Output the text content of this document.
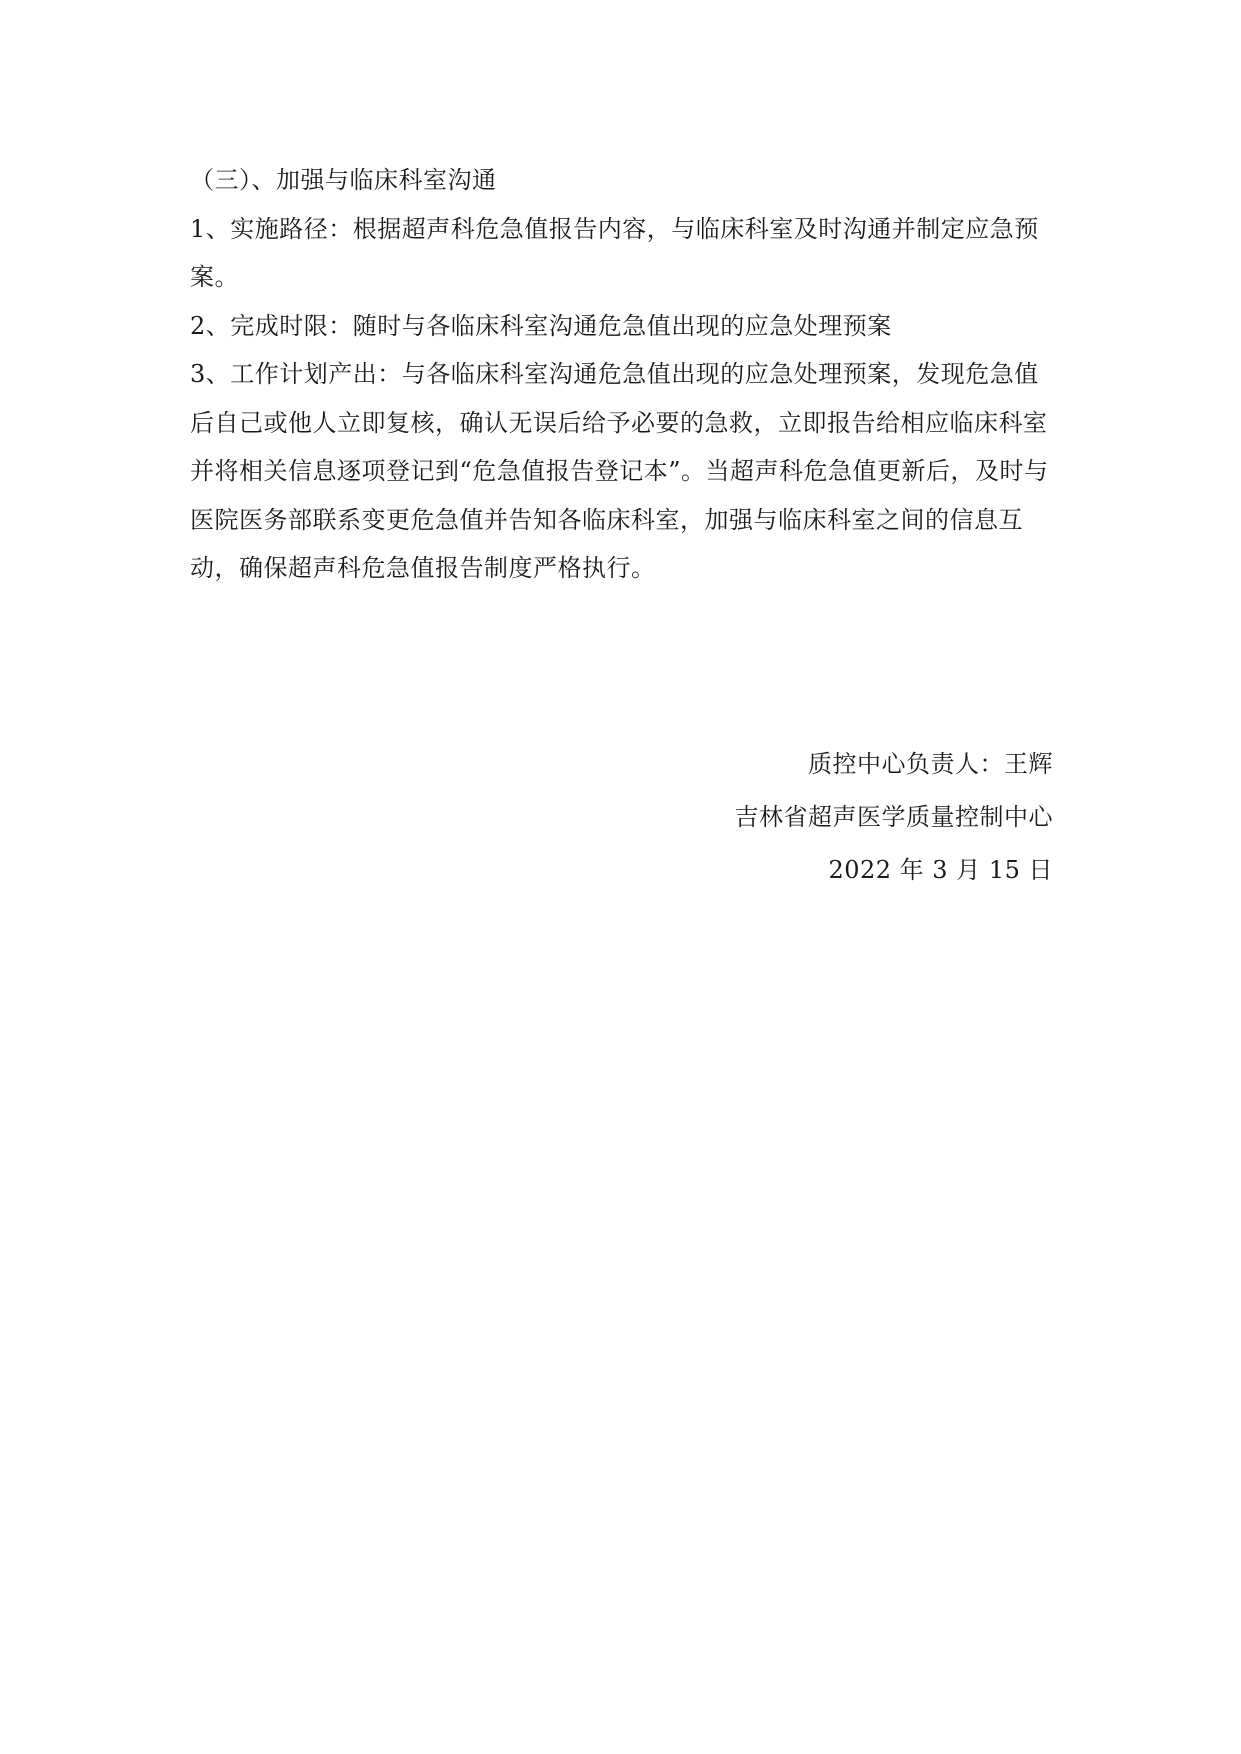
（三）、加强与临床科室沟通

1、实施路径：根据超声科危急值报告内容，与临床科室及时沟通并制定应急预案。

2、完成时限：随时与各临床科室沟通危急值出现的应急处理预案

3、工作计划产出：与各临床科室沟通危急值出现的应急处理预案，发现危急值后自己或他人立即复核，确认无误后给予必要的急救，立即报告给相应临床科室并将相关信息逐项登记到“危急值报告登记本”。当超声科危急值更新后，及时与医院医务部联系变更危急值并告知各临床科室，加强与临床科室之间的信息互动，确保超声科危急值报告制度严格执行。

质控中心负责人：王辉

吉林省超声医学质量控制中心

2022 年 3 月 15 日
